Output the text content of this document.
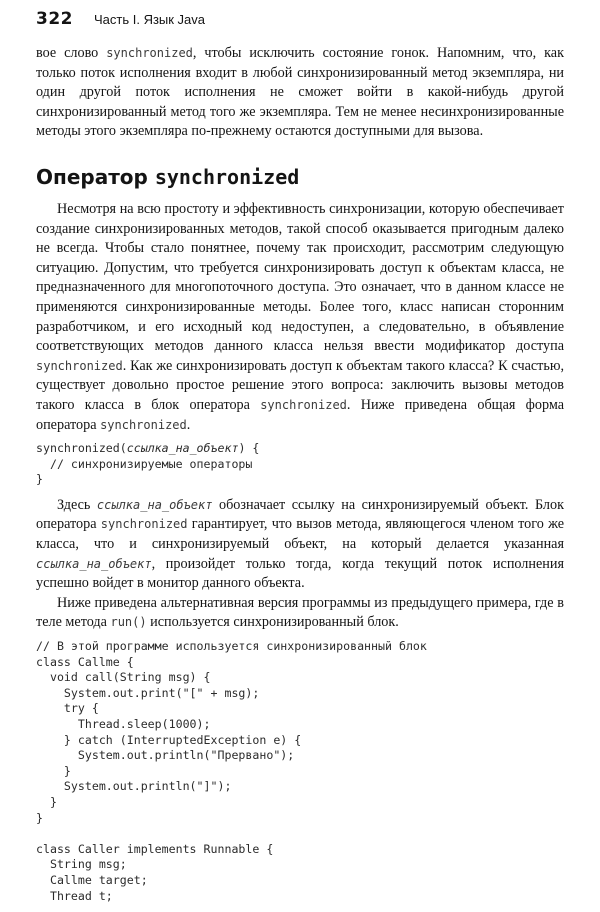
322 Часть I. Язык Java

вое слово synchronized, чтобы исключить состояние гонок. Напомним, что, как только поток исполнения входит в любой синхронизированный метод экземпляра, ни один другой поток исполнения не сможет войти в какой-нибудь другой синхронизированный метод того же экземпляра. Тем не менее несинхронизированные методы этого экземпляра по-прежнему остаются доступными для вызова.

Оператор synchronized

Несмотря на всю простоту и эффективность синхронизации, которую обеспечивает создание синхронизированных методов, такой способ оказывается пригодным далеко не всегда. Чтобы стало понятнее, почему так происходит, рассмотрим следующую ситуацию. Допустим, что требуется синхронизировать доступ к объектам класса, не предназначенного для многопоточного доступа. Это означает, что в данном классе не применяются синхронизированные методы. Более того, класс написан сторонним разработчиком, и его исходный код недоступен, а следовательно, в объявление соответствующих методов данного класса нельзя ввести модификатор доступа synchronized. Как же синхронизировать доступ к объектам такого класса? К счастью, существует довольно простое решение этого вопроса: заключить вызовы методов такого класса в блок оператора synchronized. Ниже приведена общая форма оператора synchronized.

synchronized(ссылка_на_объект) {
// синхронизируемые операторы
}

Здесь ссылка_на_объект обозначает ссылку на синхронизируемый объект. Блок оператора synchronized гарантирует, что вызов метода, являющегося членом того же класса, что и синхронизируемый объект, на который делается указанная ссылка_на_объект, произойдет только тогда, когда текущий поток исполнения успешно войдет в монитор данного объекта.

Ниже приведена альтернативная версия программы из предыдущего примера, где в теле метода run() используется синхронизированный блок.

// В этой программе используется синхронизированный блок
class Callme {
void call(String msg) {
System.out.print("[" + msg);
try {
Thread.sleep(1000);
} catch (InterruptedException e) {
System.out.println("Прервано");
}
System.out.println("]");
}
}
class Caller implements Runnable {
String msg;
Callme target;
Thread t;
